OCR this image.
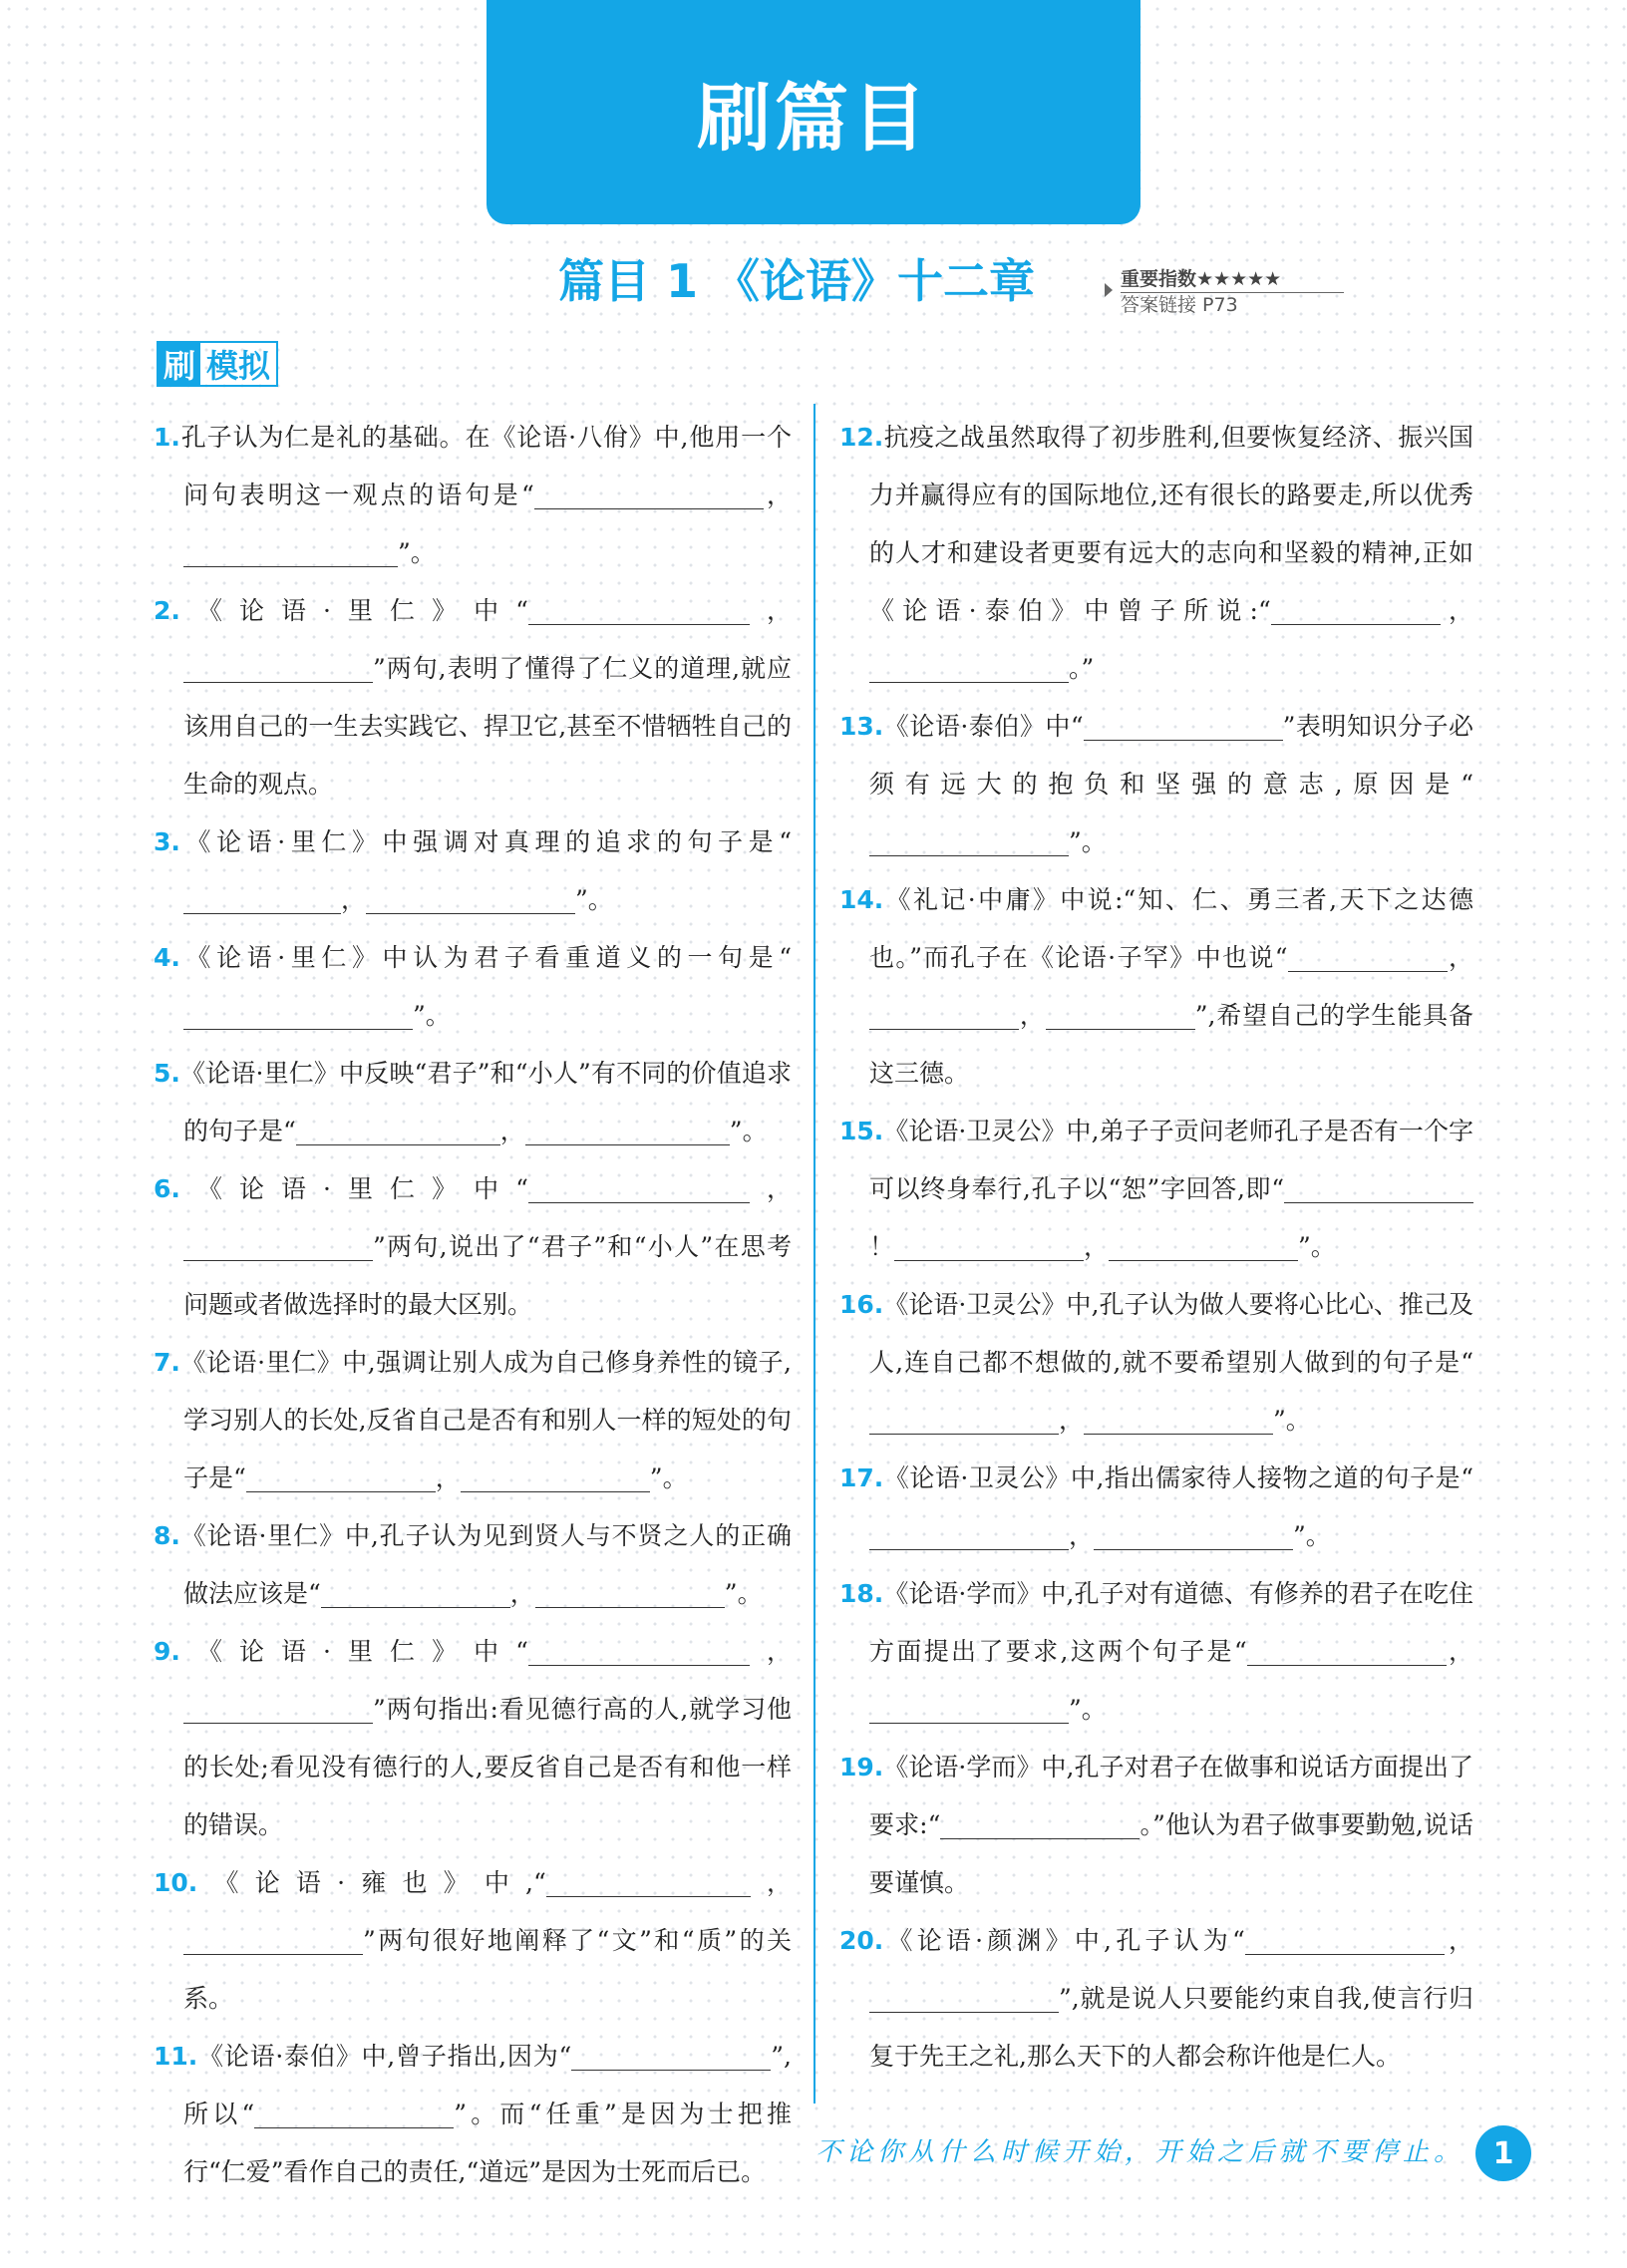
刷篇目
篇目 1 《论语》十二章	重要指数★★★★★
答案链接 P73
刷 模拟

1.孔子认为仁是礼的基础。在《论语·八佾》中,他用一个问句表明这一观点的语句是“	，”。

2.《论语·里仁》中“	，”两句,表明了懂得了仁义的道理,就应该用自己的一生去实践它、捍卫它,甚至不惜牺牲自己的生命的观点。

3.《论语·里仁》中强调对真理的追求的句子是“，	”。

4.《论语·里仁》中认为君子看重道义的一句是“”。

5.《论语·里仁》中反映“君子”和“小人”有不同的价值追求的句子是“	，	”。

6.《论语·里仁》中“	，”两句,说出了“君子”和“小人”在思考问题或者做选择时的最大区别。

7.《论语·里仁》中,强调让别人成为自己修身养性的镜子,学习别人的长处,反省自己是否有和别人一样的短处的句子是“	，	”。

8.《论语·里仁》中,孔子认为见到贤人与不贤之人的正确做法应该是“	，	”。

9.《论语·里仁》中“	，”两句指出:看见德行高的人,就学习他的长处;看见没有德行的人,要反省自己是否有和他一样的错误。

10.《论语·雍也》中,“	，”两句很好地阐释了“文”和“质”的关系。

11.《论语·泰伯》中,曾子指出,因为“	”,所以“	”。而“任重”是因为士把推行“仁爱”看作自己的责任,“道远”是因为士死而后已。

12.抗疫之战虽然取得了初步胜利,但要恢复经济、振兴国力并赢得应有的国际地位,还有很长的路要走,所以优秀的人才和建设者更要有远大的志向和坚毅的精神,正如《论语·泰伯》中曾子所说:“	，。”

13.《论语·泰伯》中“	”表明知识分子必须有远大的抱负和坚强的意志,原因是“”。

14.《礼记·中庸》中说:“知、仁、勇三者,天下之达德也。”而孔子在《论语·子罕》中也说“	，，	”,希望自己的学生能具备这三德。

15.《论语·卫灵公》中,弟子子贡问老师孔子是否有一个字可以终身奉行,孔子以“恕”字回答,即“！	，	”。

16.《论语·卫灵公》中,孔子认为做人要将心比心、推己及人,连自己都不想做的,就不要希望别人做到的句子是“，	”。

17.《论语·卫灵公》中,指出儒家待人接物之道的句子是“，	”。

18.《论语·学而》中,孔子对有道德、有修养的君子在吃住方面提出了要求,这两个句子是“	，”。

19.《论语·学而》中,孔子对君子在做事和说话方面提出了要求:“	。”他认为君子做事要勤勉,说话要谨慎。

20.《论语·颜渊》中,孔子认为“	，”,就是说人只要能约束自我,使言行归复于先王之礼,那么天下的人都会称许他是仁人。

不论你从什么时候开始，开始之后就不要停止。 1
